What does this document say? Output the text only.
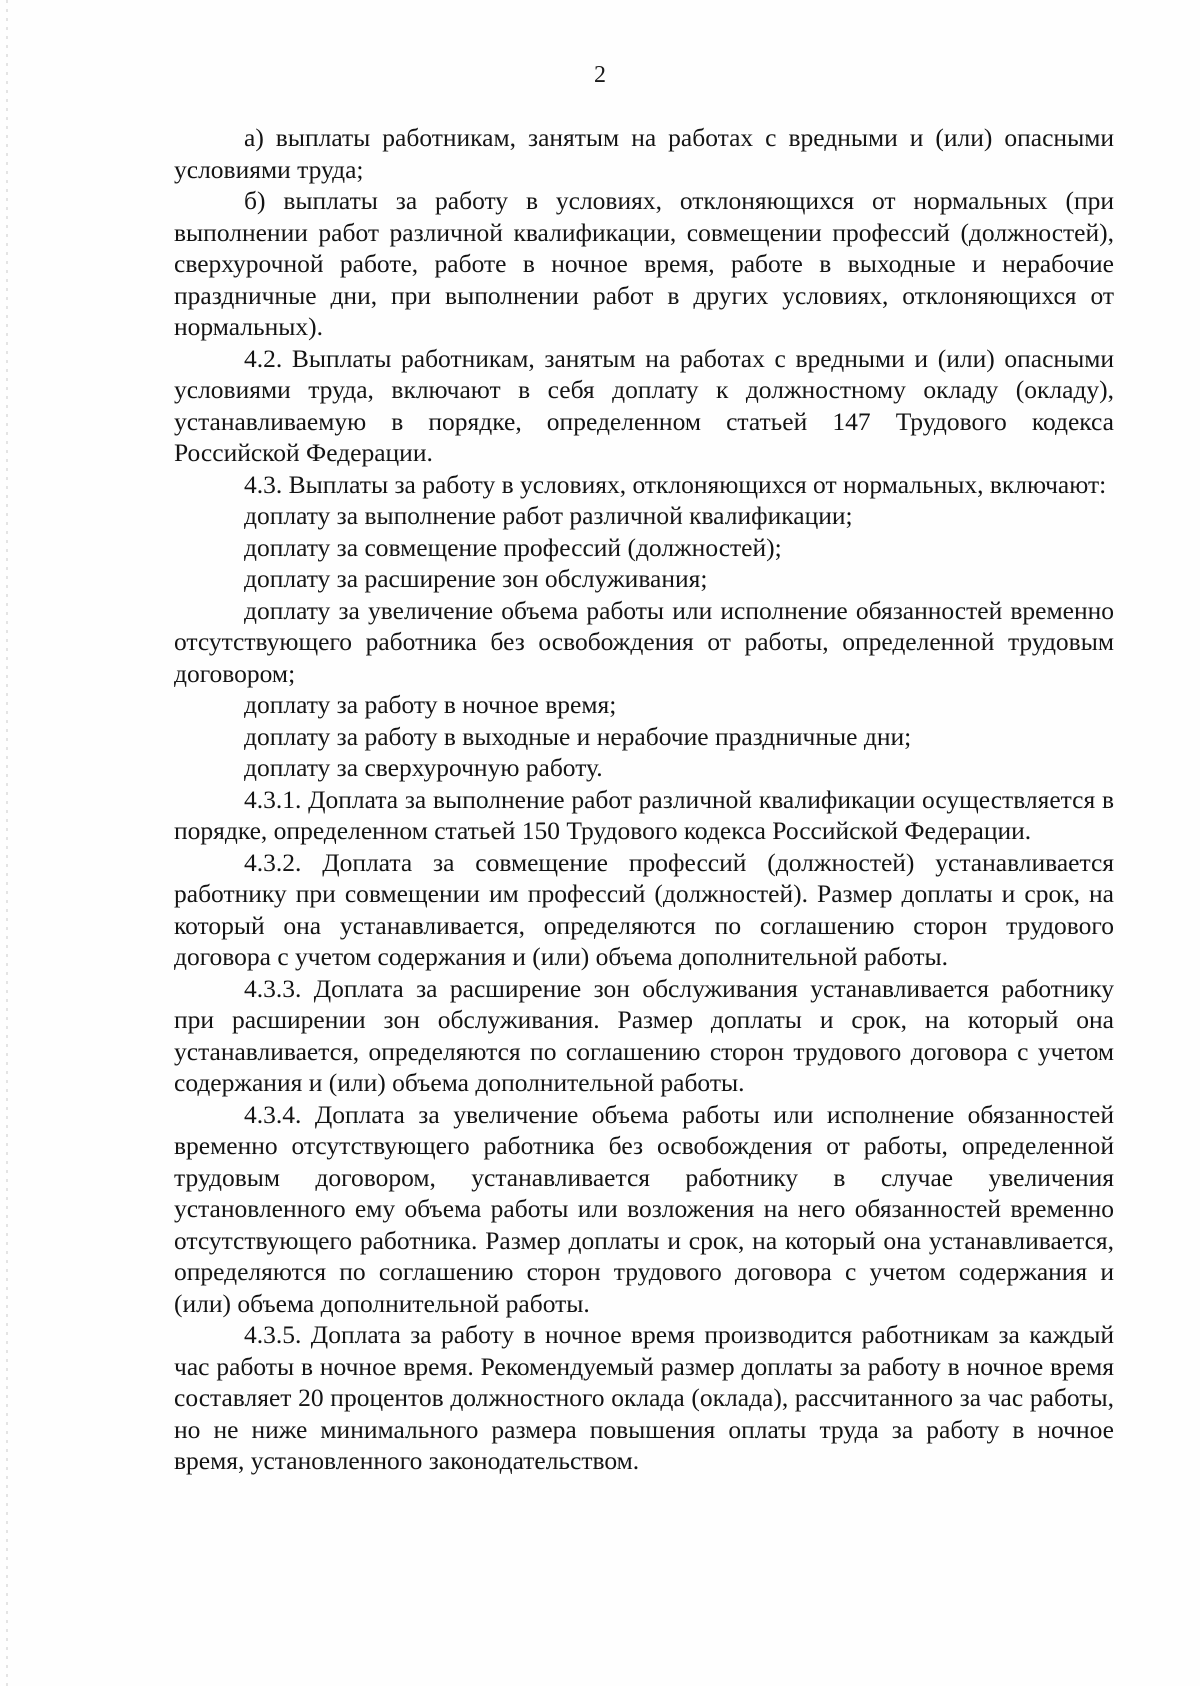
2

а) выплаты работникам, занятым на работах с вредными и (или) опасными условиями труда;

б) выплаты за работу в условиях, отклоняющихся от нормальных (при выполнении работ различной квалификации, совмещении профессий (должностей), сверхурочной работе, работе в ночное время, работе в выходные и нерабочие праздничные дни, при выполнении работ в других условиях, отклоняющихся от нормальных).

4.2. Выплаты работникам, занятым на работах с вредными и (или) опасными условиями труда, включают в себя доплату к должностному окладу (окладу), устанавливаемую в порядке, определенном статьей 147 Трудового кодекса Российской Федерации.

4.3. Выплаты за работу в условиях, отклоняющихся от нормальных, включают:

доплату за выполнение работ различной квалификации;

доплату за совмещение профессий (должностей);

доплату за расширение зон обслуживания;

доплату за увеличение объема работы или исполнение обязанностей временно отсутствующего работника без освобождения от работы, определенной трудовым договором;

доплату за работу в ночное время;

доплату за работу в выходные и нерабочие праздничные дни;

доплату за сверхурочную работу.

4.3.1. Доплата за выполнение работ различной квалификации осуществляется в порядке, определенном статьей 150 Трудового кодекса Российской Федерации.

4.3.2. Доплата за совмещение профессий (должностей) устанавливается работнику при совмещении им профессий (должностей). Размер доплаты и срок, на который она устанавливается, определяются по соглашению сторон трудового договора с учетом содержания и (или) объема дополнительной работы.

4.3.3. Доплата за расширение зон обслуживания устанавливается работнику при расширении зон обслуживания. Размер доплаты и срок, на который она устанавливается, определяются по соглашению сторон трудового договора с учетом содержания и (или) объема дополнительной работы.

4.3.4. Доплата за увеличение объема работы или исполнение обязанностей временно отсутствующего работника без освобождения от работы, определенной трудовым договором, устанавливается работнику в случае увеличения установленного ему объема работы или возложения на него обязанностей временно отсутствующего работника. Размер доплаты и срок, на который она устанавливается, определяются по соглашению сторон трудового договора с учетом содержания и (или) объема дополнительной работы.

4.3.5. Доплата за работу в ночное время производится работникам за каждый час работы в ночное время. Рекомендуемый размер доплаты за работу в ночное время составляет 20 процентов должностного оклада (оклада), рассчитанного за час работы, но не ниже минимального размера повышения оплаты труда за работу в ночное время, установленного законодательством.
